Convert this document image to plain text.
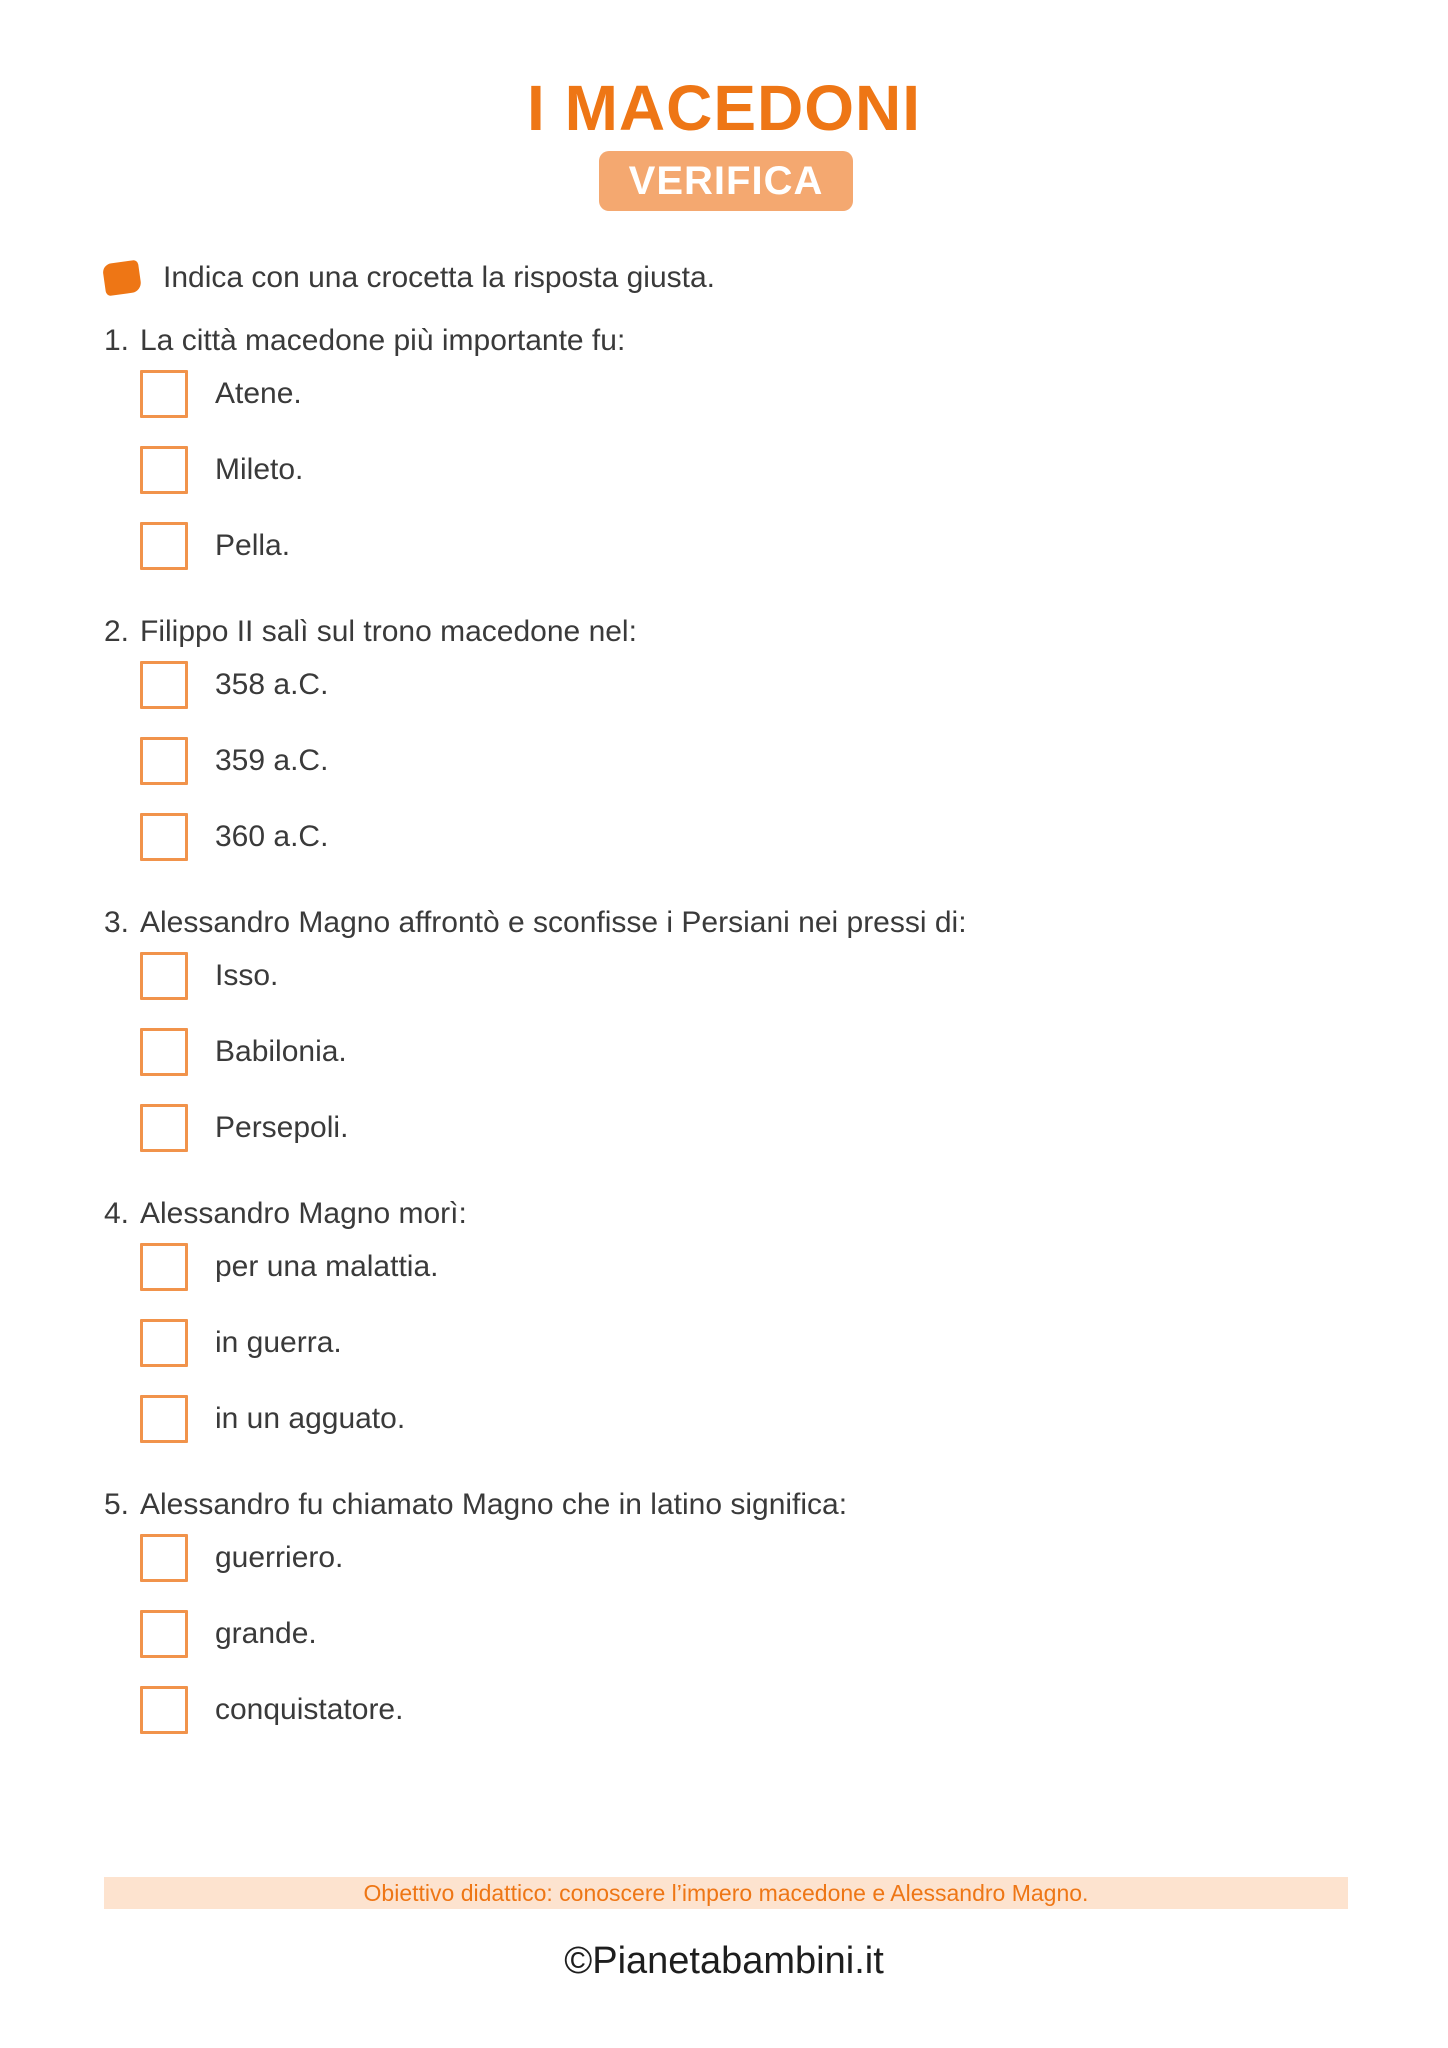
I MACEDONI
VERIFICA
Indica con una crocetta la risposta giusta.
1. La città macedone più importante fu:
Atene.
Mileto.
Pella.
2. Filippo II salì sul trono macedone nel:
358 a.C.
359 a.C.
360 a.C.
3. Alessandro Magno affrontò e sconfisse i Persiani nei pressi di:
Isso.
Babilonia.
Persepoli.
4. Alessandro Magno morì:
per una malattia.
in guerra.
in un agguato.
5. Alessandro fu chiamato Magno che in latino significa:
guerriero.
grande.
conquistatore.
Obiettivo didattico: conoscere l’impero macedone e Alessandro Magno.
©Pianetabambini.it
